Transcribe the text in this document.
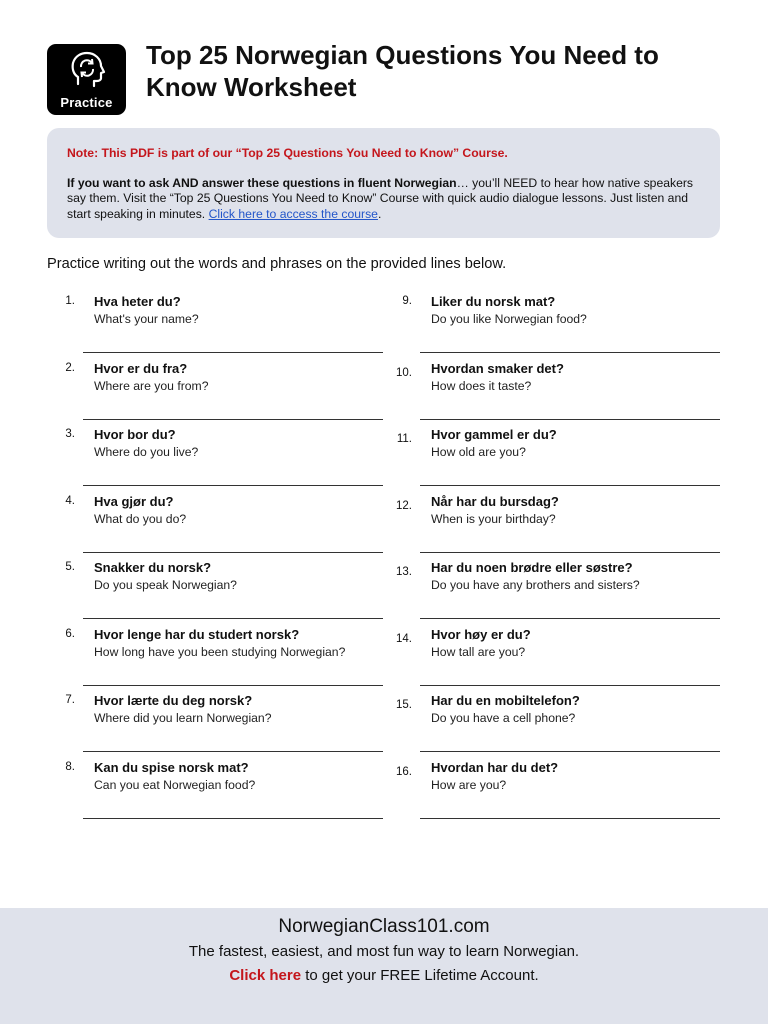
Practice
Top 25 Norwegian Questions You Need to Know Worksheet

Note: This PDF is part of our “Top 25 Questions You Need to Know” Course.

If you want to ask AND answer these questions in fluent Norwegian… you’ll NEED to hear how native speakers say them. Visit the “Top 25 Questions You Need to Know” Course with quick audio dialogue lessons. Just listen and start speaking in minutes. Click here to access the course.

Practice writing out the words and phrases on the provided lines below.

1. Hva heter du?
What's your name?
2. Hvor er du fra?
Where are you from?
3. Hvor bor du?
Where do you live?
4. Hva gjør du?
What do you do?
5. Snakker du norsk?
Do you speak Norwegian?
6. Hvor lenge har du studert norsk?
How long have you been studying Norwegian?
7. Hvor lærte du deg norsk?
Where did you learn Norwegian?
8. Kan du spise norsk mat?
Can you eat Norwegian food?
9. Liker du norsk mat?
Do you like Norwegian food?
10. Hvordan smaker det?
How does it taste?
11. Hvor gammel er du?
How old are you?
12. Når har du bursdag?
When is your birthday?
13. Har du noen brødre eller søstre?
Do you have any brothers and sisters?
14. Hvor høy er du?
How tall are you?
15. Har du en mobiltelefon?
Do you have a cell phone?
16. Hvordan har du det?
How are you?
NorwegianClass101.com
The fastest, easiest, and most fun way to learn Norwegian.
Click here to get your FREE Lifetime Account.
